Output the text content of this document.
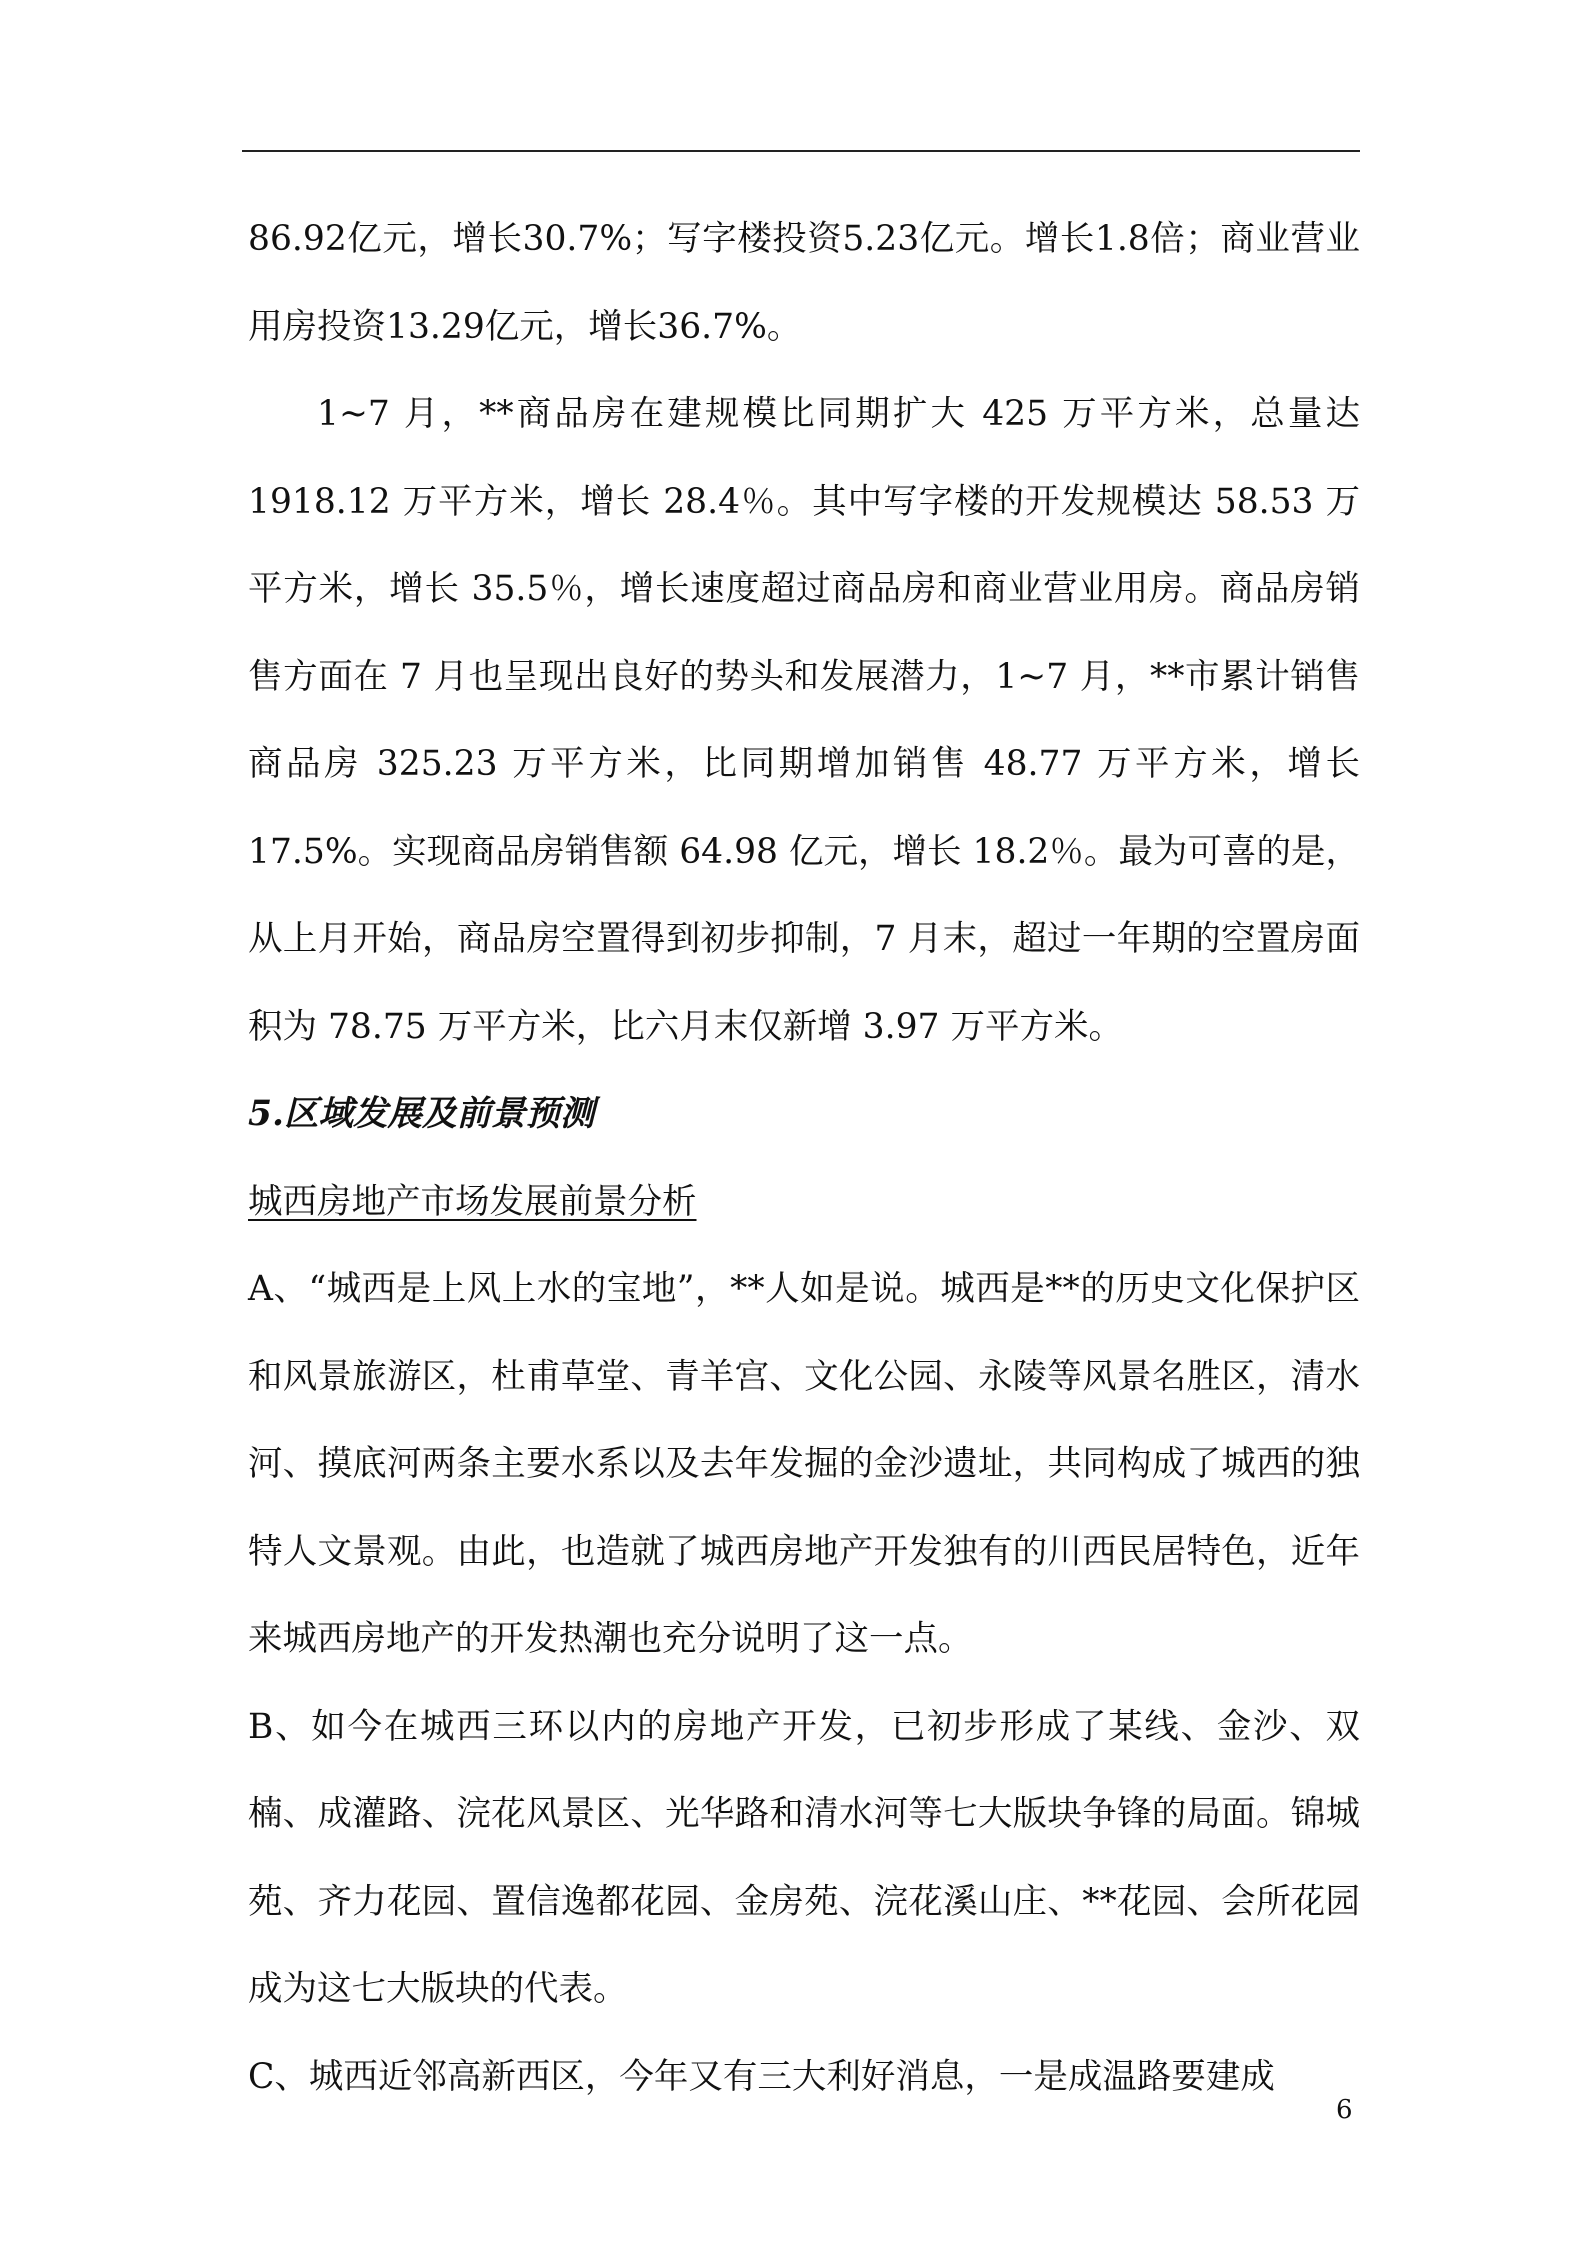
86.92亿元，增长30.7%；写字楼投资5.23亿元。增长1.8倍；商业营业用房投资13.29亿元，增长36.7%。

1~7 月，**商品房在建规模比同期扩大 425 万平方米，总量达1918.12 万平方米，增长 28.4％。其中写字楼的开发规模达 58.53 万平方米，增长 35.5％，增长速度超过商品房和商业营业用房。商品房销售方面在 7 月也呈现出良好的势头和发展潜力，1~7 月，**市累计销售商品房 325.23 万平方米，比同期增加销售 48.77 万平方米，增长17.5%。实现商品房销售额 64.98 亿元，增长 18.2％。最为可喜的是，从上月开始，商品房空置得到初步抑制，7 月末，超过一年期的空置房面积为 78.75 万平方米，比六月末仅新增 3.97 万平方米。

5.区域发展及前景预测

城西房地产市场发展前景分析

A、“城西是上风上水的宝地”，**人如是说。城西是**的历史文化保护区和风景旅游区，杜甫草堂、青羊宫、文化公园、永陵等风景名胜区，清水河、摸底河两条主要水系以及去年发掘的金沙遗址，共同构成了城西的独特人文景观。由此，也造就了城西房地产开发独有的川西民居特色，近年来城西房地产的开发热潮也充分说明了这一点。

B、如今在城西三环以内的房地产开发，已初步形成了某线、金沙、双楠、成灌路、浣花风景区、光华路和清水河等七大版块争锋的局面。锦城苑、齐力花园、置信逸都花园、金房苑、浣花溪山庄、**花园、会所花园成为这七大版块的代表。

C、城西近邻高新西区，今年又有三大利好消息，一是成温路要建成

6
